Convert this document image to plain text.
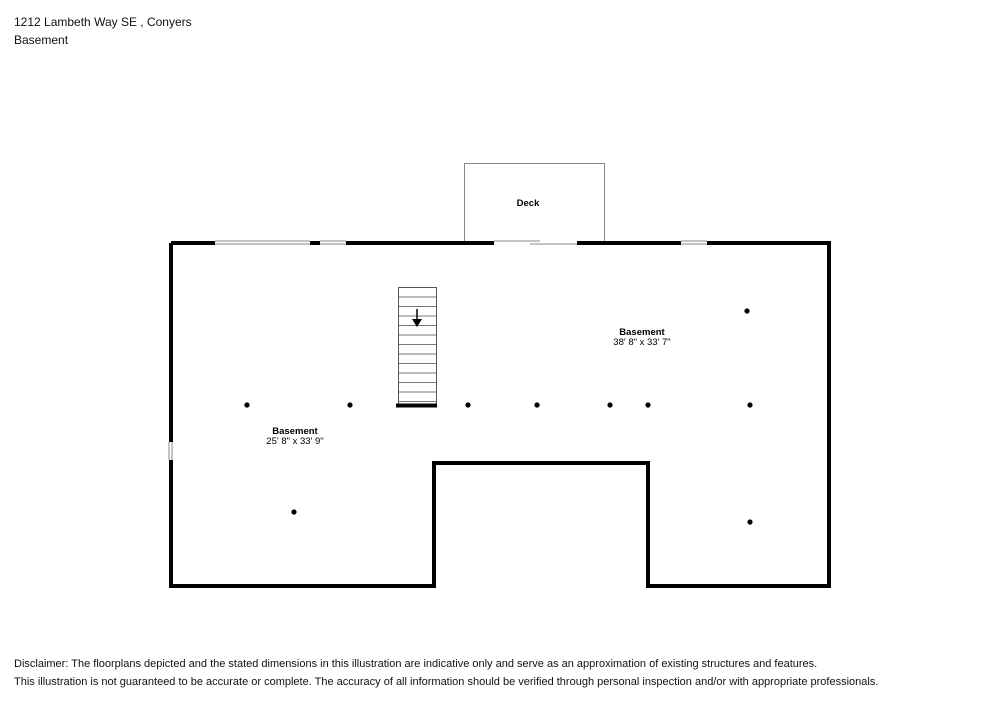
1212 Lambeth Way SE , Conyers
Basement
Deck
Basement
38' 8" x 33' 7"
Basement
25' 8" x 33' 9"
Disclaimer: The floorplans depicted and the stated dimensions in this illustration are indicative only and serve as an approximation of existing structures and features.
This illustration is not guaranteed to be accurate or complete. The accuracy of all information should be verified through personal inspection and/or with appropriate professionals.
